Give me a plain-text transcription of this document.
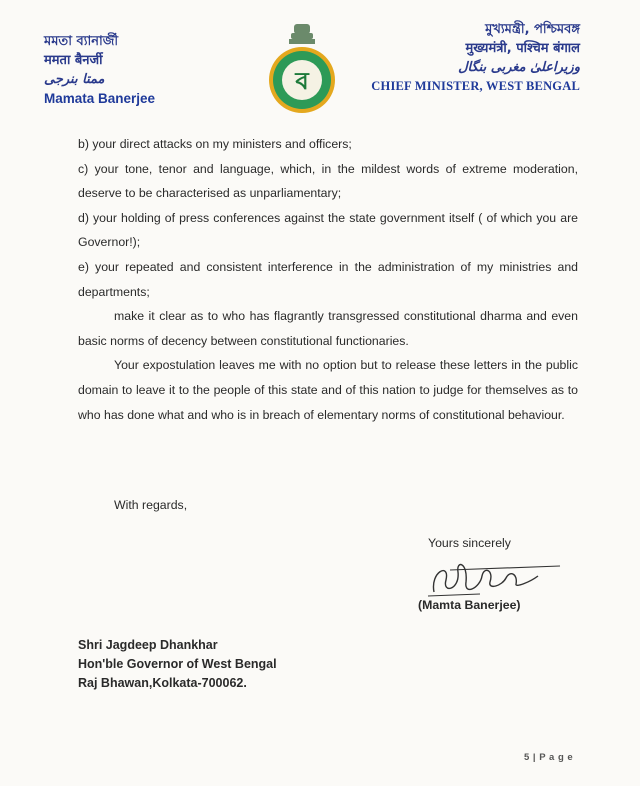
মমতা ব্যানার্জী
ममता बैनर्जी
ممتا بنرجی
Mamata Banerjee
ব
মুখ্যমন্ত্রী, পশ্চিমবঙ্গ
मुख्यमंत्री, पश्चिम बंगाल
وزیراعلیٰ مغربی بنگال
CHIEF MINISTER, WEST BENGAL

b) your direct attacks on my ministers and officers;

c) your tone, tenor and language, which, in the mildest words of extreme moderation, deserve to be characterised as unparliamentary;

d) your holding of press conferences against the state government itself ( of which you are Governor!);

e) your repeated and consistent interference in the administration of my ministries and departments;

make it clear as to who has flagrantly transgressed constitutional dharma and even basic norms of decency between constitutional functionaries.

Your expostulation leaves me with no option but to release these letters in the public domain to leave it to the people of this state and of this nation to judge for themselves as to who has done what and who is in breach of elementary norms of constitutional behaviour.

With regards,
Yours sincerely
(Mamta Banerjee)
Shri Jagdeep Dhankhar
Hon'ble Governor of West Bengal
Raj Bhawan,Kolkata-700062.
5 | P a g e
